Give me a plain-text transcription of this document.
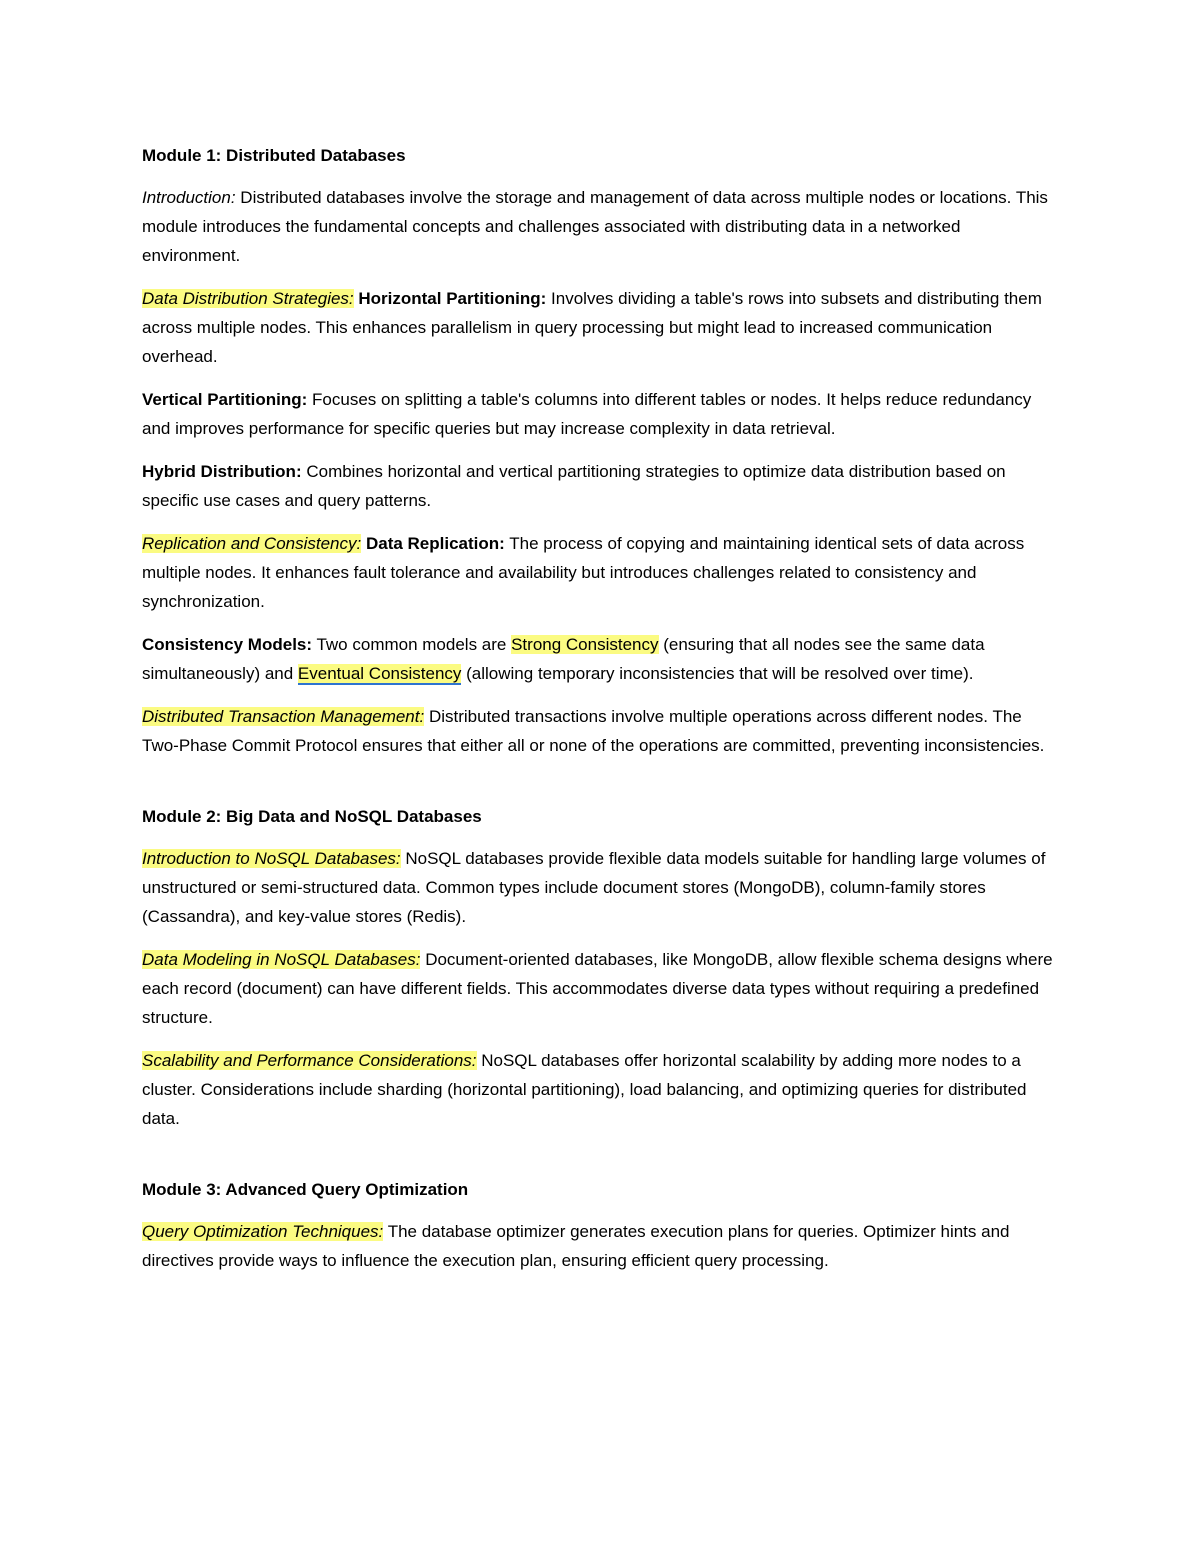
Module 1: Distributed Databases

Introduction: Distributed databases involve the storage and management of data across multiple nodes or locations. This module introduces the fundamental concepts and challenges associated with distributing data in a networked environment.

Data Distribution Strategies: Horizontal Partitioning: Involves dividing a table's rows into subsets and distributing them across multiple nodes. This enhances parallelism in query processing but might lead to increased communication overhead.

Vertical Partitioning: Focuses on splitting a table's columns into different tables or nodes. It helps reduce redundancy and improves performance for specific queries but may increase complexity in data retrieval.

Hybrid Distribution: Combines horizontal and vertical partitioning strategies to optimize data distribution based on specific use cases and query patterns.

Replication and Consistency: Data Replication: The process of copying and maintaining identical sets of data across multiple nodes. It enhances fault tolerance and availability but introduces challenges related to consistency and synchronization.

Consistency Models: Two common models are Strong Consistency (ensuring that all nodes see the same data simultaneously) and Eventual Consistency (allowing temporary inconsistencies that will be resolved over time).

Distributed Transaction Management: Distributed transactions involve multiple operations across different nodes. The Two-Phase Commit Protocol ensures that either all or none of the operations are committed, preventing inconsistencies.

Module 2: Big Data and NoSQL Databases

Introduction to NoSQL Databases: NoSQL databases provide flexible data models suitable for handling large volumes of unstructured or semi-structured data. Common types include document stores (MongoDB), column-family stores (Cassandra), and key-value stores (Redis).

Data Modeling in NoSQL Databases: Document-oriented databases, like MongoDB, allow flexible schema designs where each record (document) can have different fields. This accommodates diverse data types without requiring a predefined structure.

Scalability and Performance Considerations: NoSQL databases offer horizontal scalability by adding more nodes to a cluster. Considerations include sharding (horizontal partitioning), load balancing, and optimizing queries for distributed data.

Module 3: Advanced Query Optimization

Query Optimization Techniques: The database optimizer generates execution plans for queries. Optimizer hints and directives provide ways to influence the execution plan, ensuring efficient query processing.
